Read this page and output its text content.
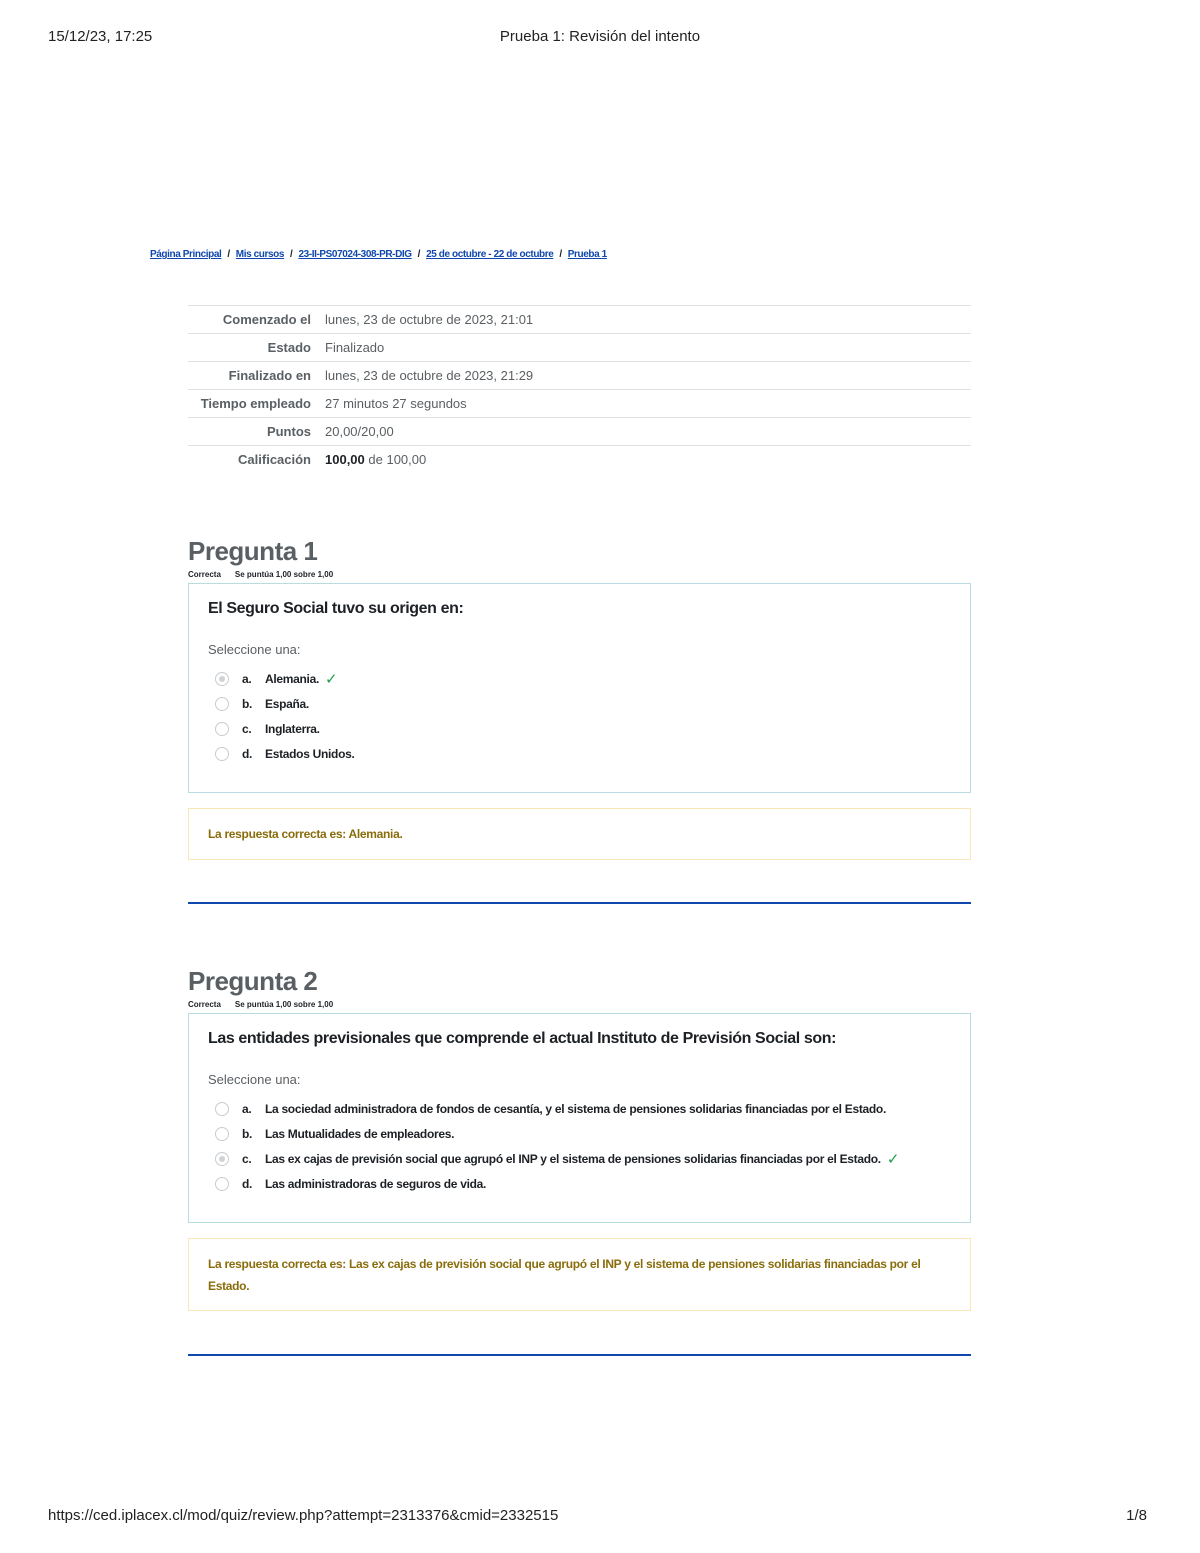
15/12/23, 17:25	Prueba 1: Revisión del intento
Página Principal / Mis cursos / 23-II-PS07024-308-PR-DIG / 25 de octubre - 22 de octubre / Prueba 1
Comenzado el	lunes, 23 de octubre de 2023, 21:01
Estado	Finalizado
Finalizado en	lunes, 23 de octubre de 2023, 21:29
Tiempo empleado	27 minutos 27 segundos
Puntos	20,00/20,00
Calificación	100,00 de 100,00
Pregunta 1
Correcta Se puntúa 1,00 sobre 1,00
El Seguro Social tuvo su origen en:
Seleccione una:
a.	Alemania. ✓
b.	España.
c.	Inglaterra.
d.	Estados Unidos.
La respuesta correcta es: Alemania.
Pregunta 2
Correcta Se puntúa 1,00 sobre 1,00
Las entidades previsionales que comprende el actual Instituto de Previsión Social son:
Seleccione una:
a.	La sociedad administradora de fondos de cesantía, y el sistema de pensiones solidarias financiadas por el Estado.
b.	Las Mutualidades de empleadores.
c.	Las ex cajas de previsión social que agrupó el INP y el sistema de pensiones solidarias financiadas por el Estado. ✓
d.	Las administradoras de seguros de vida.
La respuesta correcta es: Las ex cajas de previsión social que agrupó el INP y el sistema de pensiones solidarias financiadas por el Estado.
https://ced.iplacex.cl/mod/quiz/review.php?attempt=2313376&cmid=2332515	1/8
